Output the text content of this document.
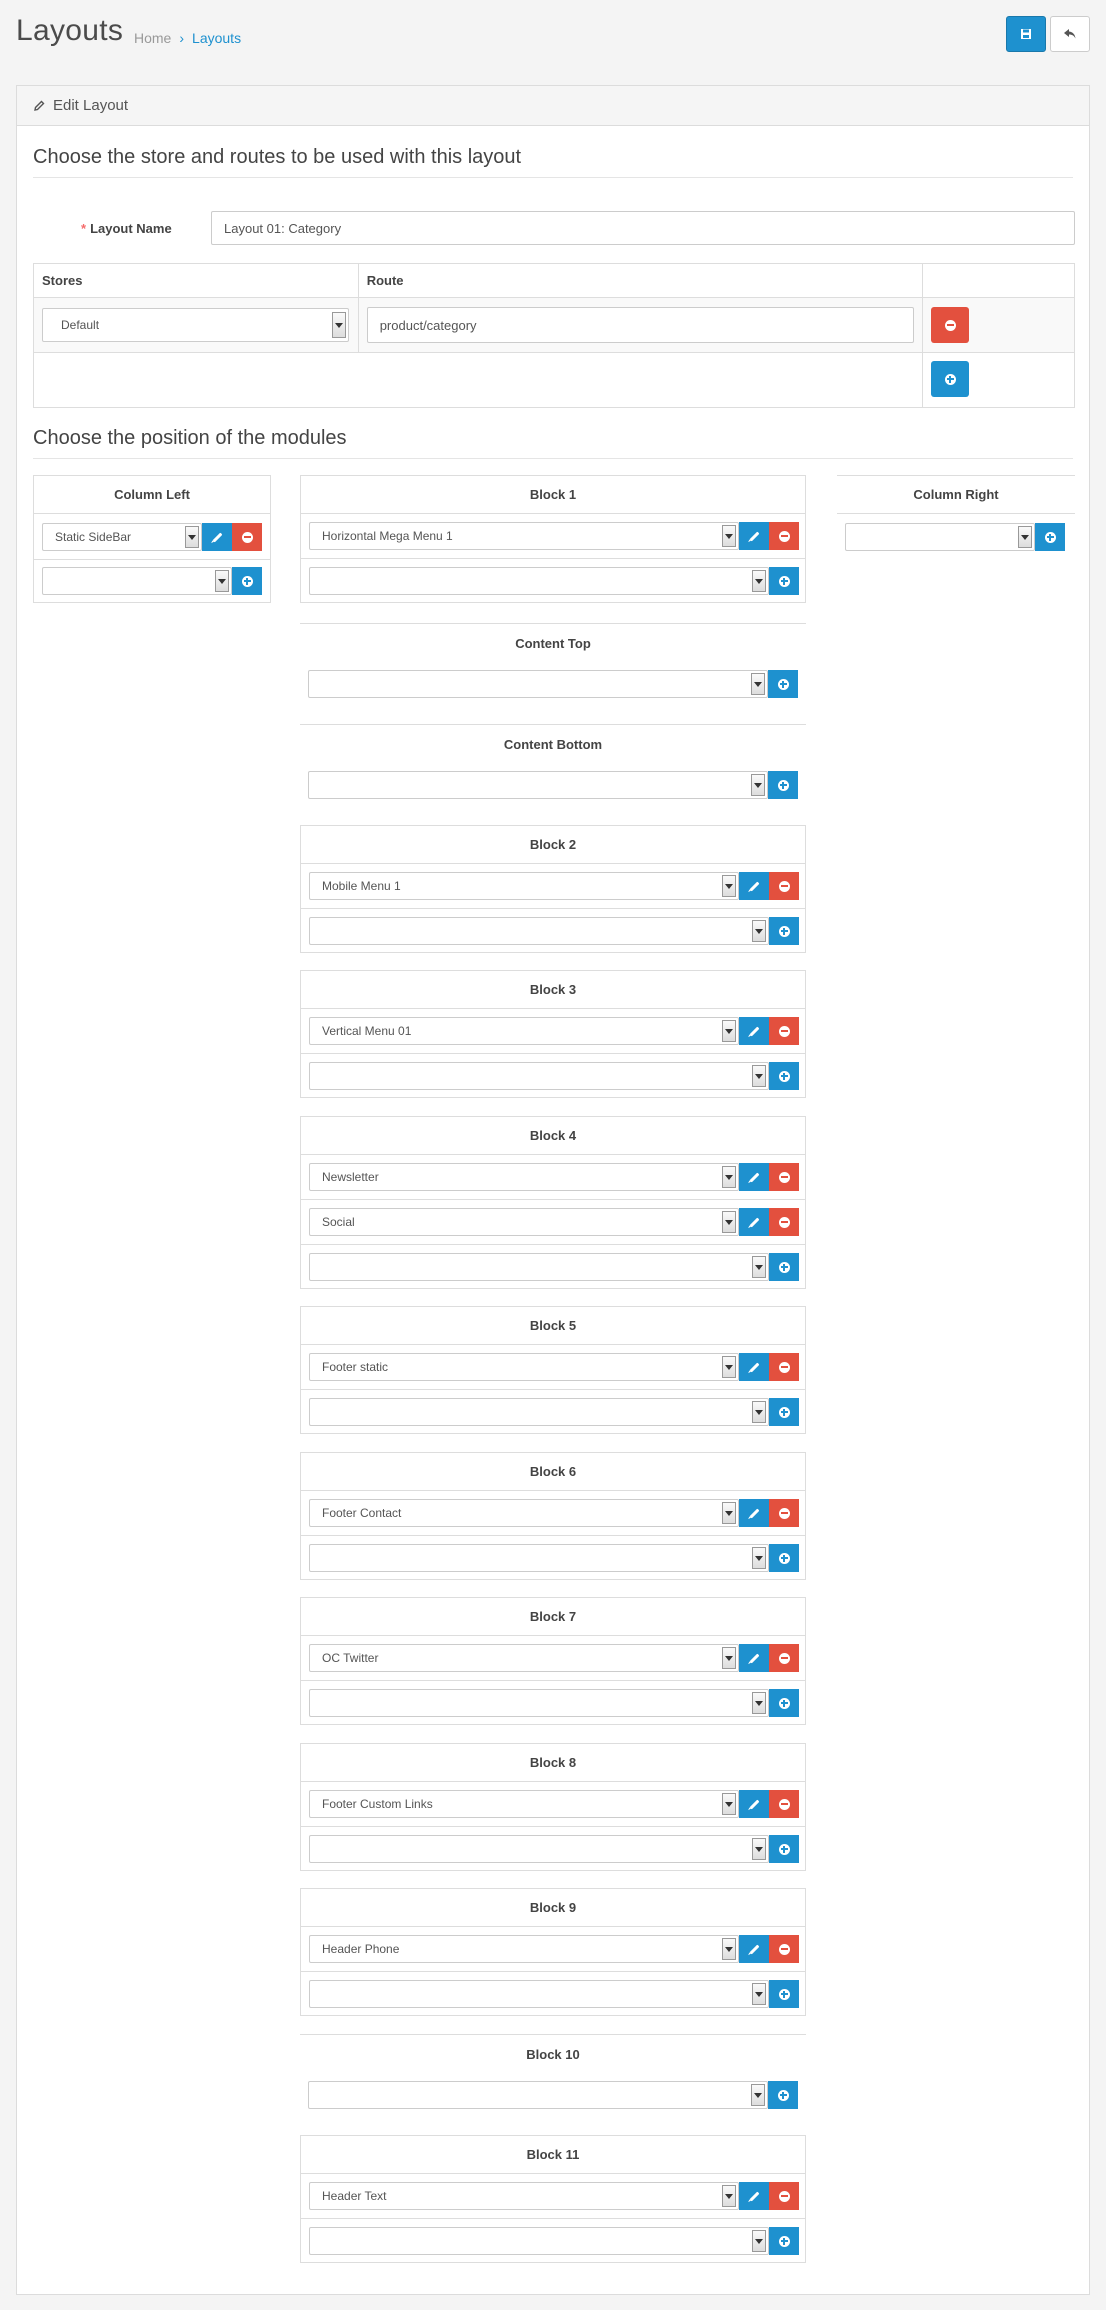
Layouts Home › Layouts
Edit Layout
Choose the store and routes to be used with this layout
* Layout Name	Layout 01: Category
Stores	Route	

Default	product/category	

Choose the position of the modules
Column Left
Static SideBar
Column Right
Block 1
Horizontal Mega Menu 1
Content Top
Content Bottom
Block 2
Mobile Menu 1
Block 3
Vertical Menu 01
Block 4
Newsletter
Social
Block 5
Footer static
Block 6
Footer Contact
Block 7
OC Twitter
Block 8
Footer Custom Links
Block 9
Header Phone
Block 10
Block 11
Header Text
